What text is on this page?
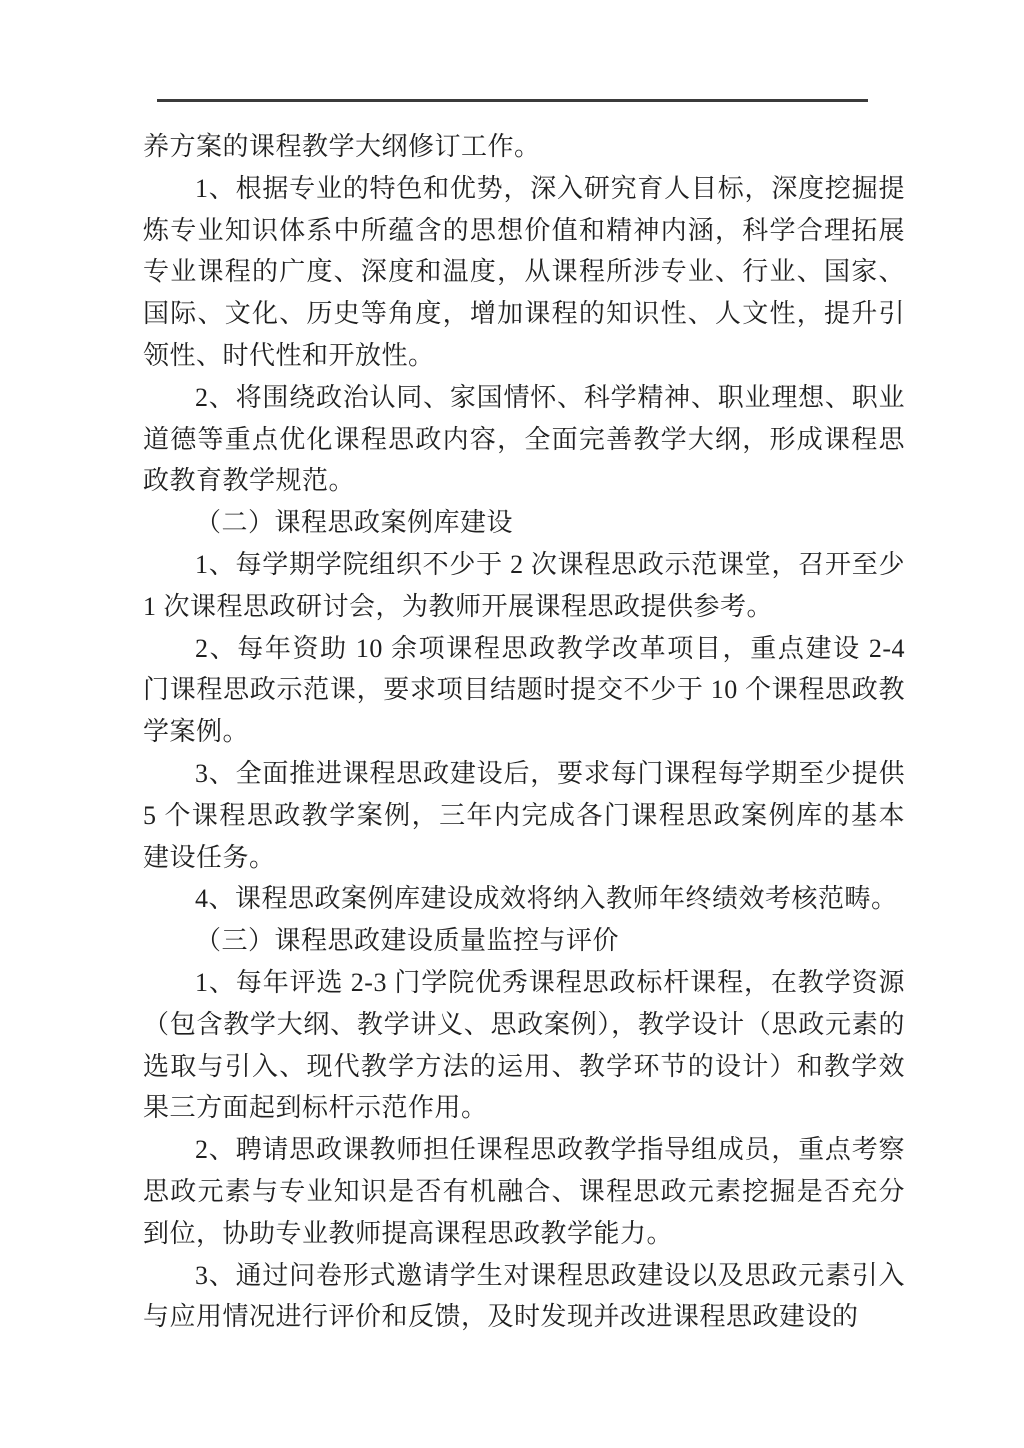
养方案的课程教学大纲修订工作。

1、根据专业的特色和优势，深入研究育人目标，深度挖掘提炼专业知识体系中所蕴含的思想价值和精神内涵，科学合理拓展专业课程的广度、深度和温度，从课程所涉专业、行业、国家、国际、文化、历史等角度，增加课程的知识性、人文性，提升引领性、时代性和开放性。

2、将围绕政治认同、家国情怀、科学精神、职业理想、职业道德等重点优化课程思政内容，全面完善教学大纲，形成课程思政教育教学规范。

（二）课程思政案例库建设

1、每学期学院组织不少于 2 次课程思政示范课堂，召开至少 1 次课程思政研讨会，为教师开展课程思政提供参考。

2、每年资助 10 余项课程思政教学改革项目，重点建设 2-4 门课程思政示范课，要求项目结题时提交不少于 10 个课程思政教学案例。

3、全面推进课程思政建设后，要求每门课程每学期至少提供 5 个课程思政教学案例，三年内完成各门课程思政案例库的基本建设任务。

4、课程思政案例库建设成效将纳入教师年终绩效考核范畴。

（三）课程思政建设质量监控与评价

1、每年评选 2-3 门学院优秀课程思政标杆课程，在教学资源（包含教学大纲、教学讲义、思政案例），教学设计（思政元素的选取与引入、现代教学方法的运用、教学环节的设计）和教学效果三方面起到标杆示范作用。

2、聘请思政课教师担任课程思政教学指导组成员，重点考察思政元素与专业知识是否有机融合、课程思政元素挖掘是否充分到位，协助专业教师提高课程思政教学能力。

3、通过问卷形式邀请学生对课程思政建设以及思政元素引入与应用情况进行评价和反馈，及时发现并改进课程思政建设的
